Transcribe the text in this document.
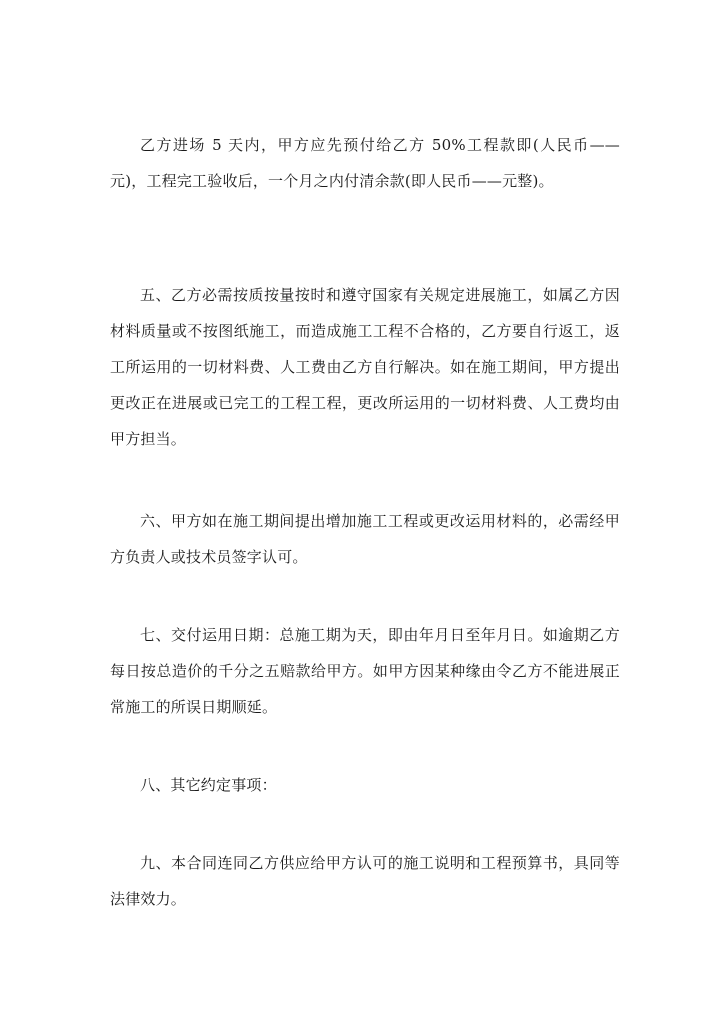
乙方进场 5 天内，甲方应先预付给乙方 50%工程款即(人民币——元)，工程完工验收后，一个月之内付清余款(即人民币——元整)。

五、乙方必需按质按量按时和遵守国家有关规定进展施工，如属乙方因材料质量或不按图纸施工，而造成施工工程不合格的，乙方要自行返工，返工所运用的一切材料费、人工费由乙方自行解决。如在施工期间，甲方提出更改正在进展或已完工的工程工程，更改所运用的一切材料费、人工费均由甲方担当。

六、甲方如在施工期间提出增加施工工程或更改运用材料的，必需经甲方负责人或技术员签字认可。

七、交付运用日期：总施工期为天，即由年月日至年月日。如逾期乙方每日按总造价的千分之五赔款给甲方。如甲方因某种缘由令乙方不能进展正常施工的所误日期顺延。

八、其它约定事项：

九、本合同连同乙方供应给甲方认可的施工说明和工程预算书，具同等法律效力。
